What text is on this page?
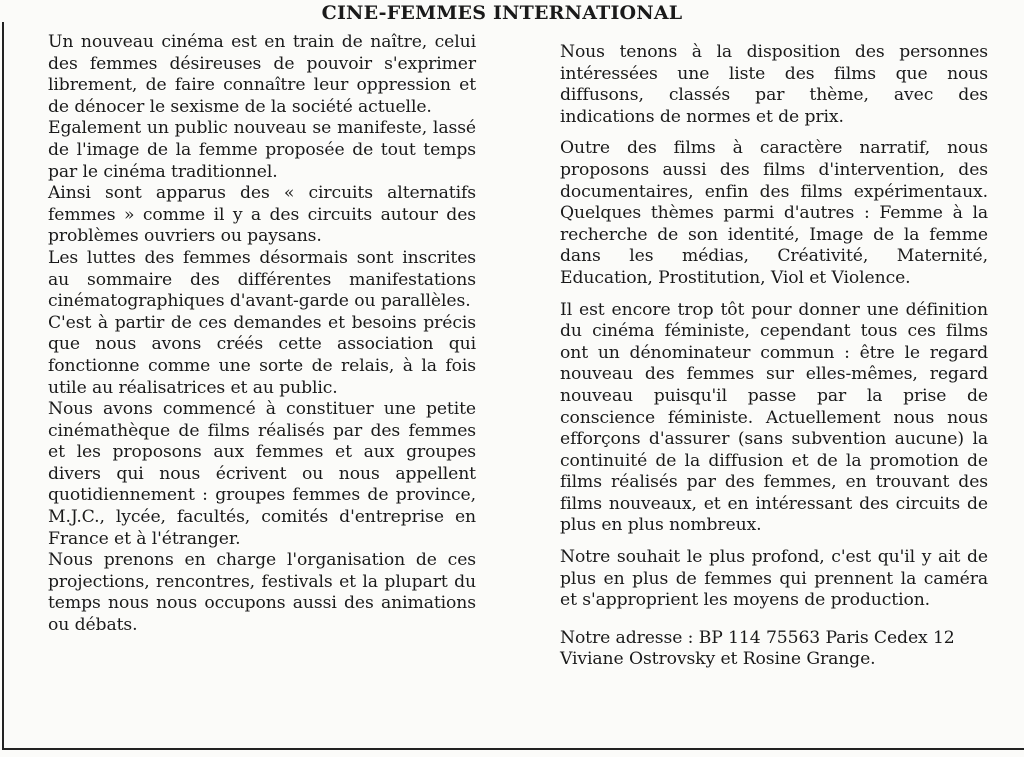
CINE-FEMMES INTERNATIONAL

Un nouveau cinéma est en train de naître, celui des femmes désireuses de pouvoir s'exprimer librement, de faire connaître leur oppression et de dénocer le sexisme de la société actuelle.

Egalement un public nouveau se manifeste, lassé de l'image de la femme proposée de tout temps par le cinéma traditionnel.

Ainsi sont apparus des « circuits alternatifs femmes » comme il y a des circuits autour des problèmes ouvriers ou paysans.

Les luttes des femmes désormais sont inscrites au sommaire des différentes manifestations cinématographiques d'avant-garde ou parallèles.

C'est à partir de ces demandes et besoins précis que nous avons créés cette association qui fonctionne comme une sorte de relais, à la fois utile au réalisatrices et au public.

Nous avons commencé à constituer une petite cinémathèque de films réalisés par des femmes et les proposons aux femmes et aux groupes divers qui nous écrivent ou nous appellent quotidiennement : groupes femmes de province, M.J.C., lycée, facultés, comités d'entreprise en France et à l'étranger.

Nous prenons en charge l'organisation de ces projections, rencontres, festivals et la plupart du temps nous nous occupons aussi des animations ou débats.

Nous tenons à la disposition des personnes intéressées une liste des films que nous diffusons, classés par thème, avec des indications de normes et de prix.

Outre des films à caractère narratif, nous proposons aussi des films d'intervention, des documentaires, enfin des films expérimentaux. Quelques thèmes parmi d'autres : Femme à la recherche de son identité, Image de la femme dans les médias, Créativité, Maternité, Education, Prostitution, Viol et Violence.

Il est encore trop tôt pour donner une définition du cinéma féministe, cependant tous ces films ont un dénominateur commun : être le regard nouveau des femmes sur elles-mêmes, regard nouveau puisqu'il passe par la prise de conscience féministe. Actuellement nous nous efforçons d'assurer (sans subvention aucune) la continuité de la diffusion et de la promotion de films réalisés par des femmes, en trouvant des films nouveaux, et en intéressant des circuits de plus en plus nombreux.

Notre souhait le plus profond, c'est qu'il y ait de plus en plus de femmes qui prennent la caméra et s'approprient les moyens de production.

Notre adresse : BP 114 75563 Paris Cedex 12

Viviane Ostrovsky et Rosine Grange.
